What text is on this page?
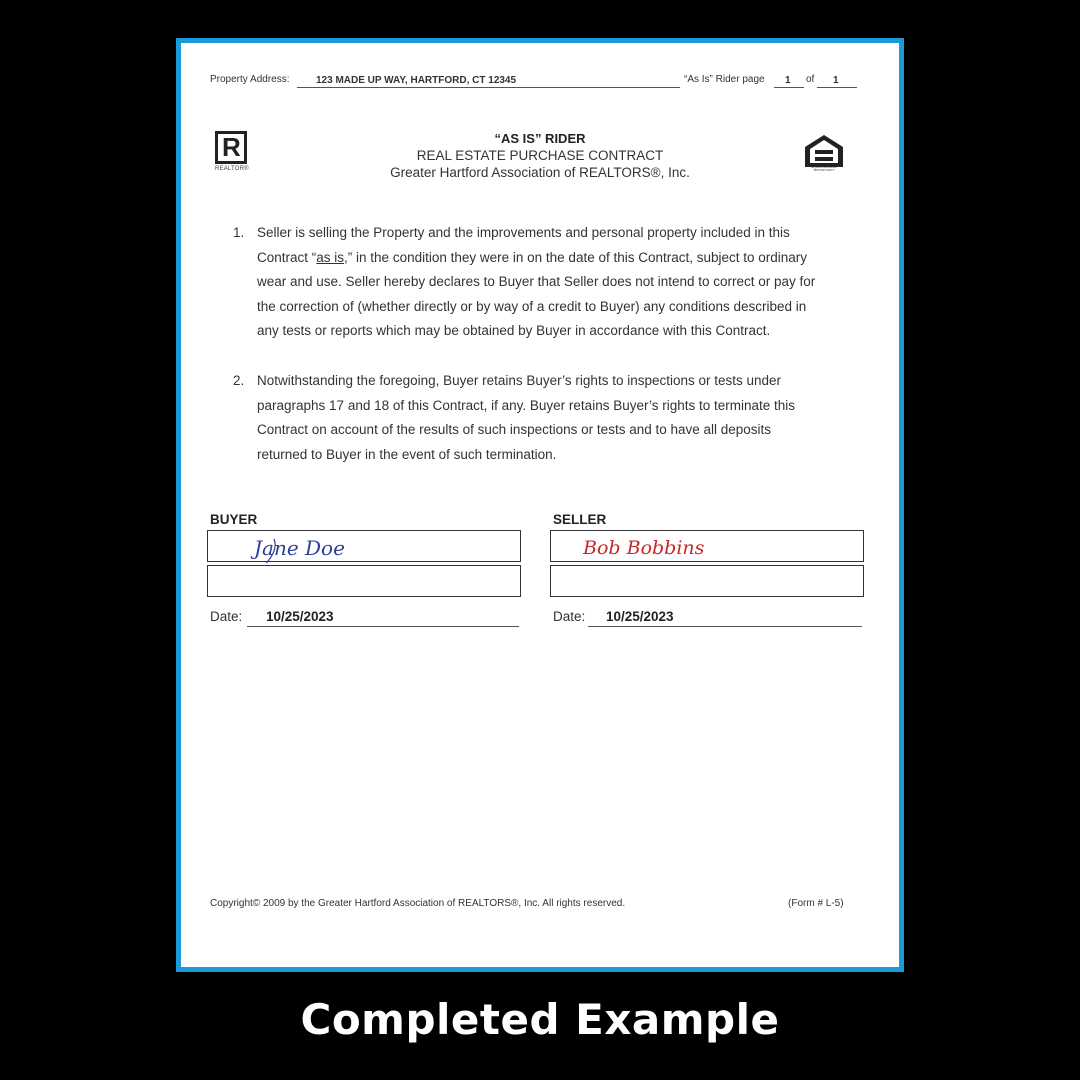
Property Address:	123 MADE UP WAY, HARTFORD, CT 12345	“As Is” Rider page 1 of 1
R
REALTOR®	EQUAL HOUSING OPPORTUNITY
“AS IS” RIDER
REAL ESTATE PURCHASE CONTRACT
Greater Hartford Association of REALTORS®, Inc.
1. Seller is selling the Property and the improvements and personal property included in this
Contract “as is,” in the condition they were in on the date of this Contract, subject to ordinary
wear and use. Seller hereby declares to Buyer that Seller does not intend to correct or pay for
the correction of (whether directly or by way of a credit to Buyer) any conditions described in
any tests or reports which may be obtained by Buyer in accordance with this Contract.
2. Notwithstanding the foregoing, Buyer retains Buyer’s rights to inspections or tests under
paragraphs 17 and 18 of this Contract, if any. Buyer retains Buyer’s rights to terminate this
Contract on account of the results of such inspections or tests and to have all deposits
returned to Buyer in the event of such termination.
BUYER
Jane Doe
Date: 10/25/2023
SELLER
Bob Bobbins
Date: 10/25/2023
Copyright© 2009 by the Greater Hartford Association of REALTORS®, Inc. All rights reserved.	(Form # L-5)
Completed Example
